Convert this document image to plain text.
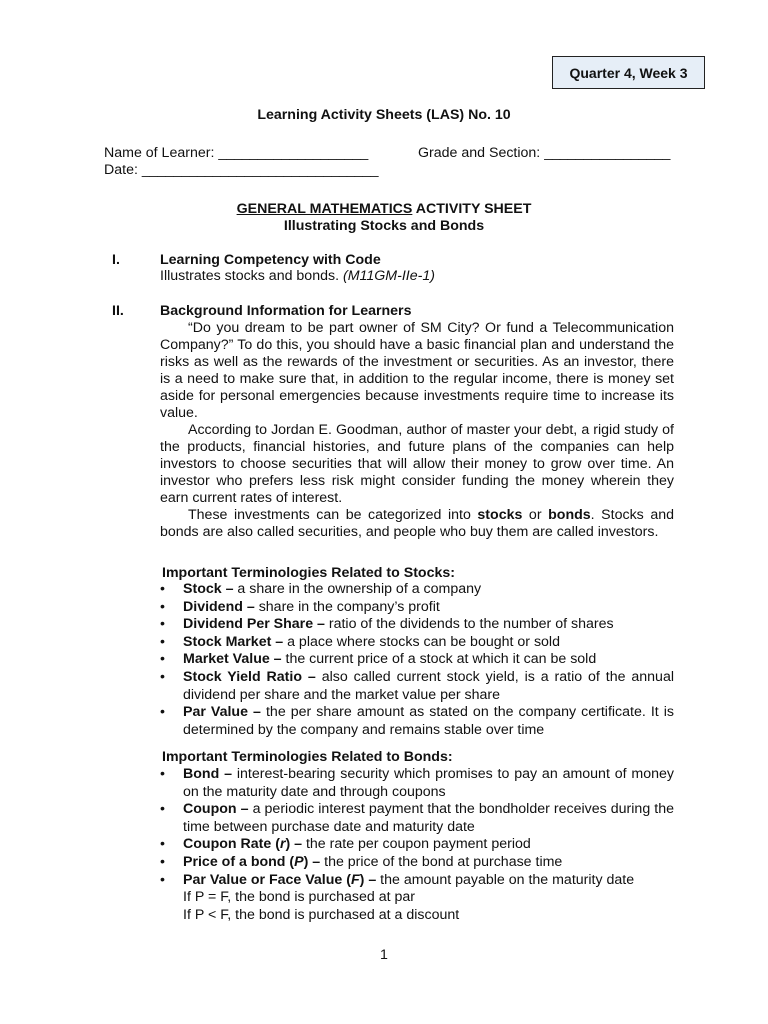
Quarter 4, Week 3
Learning Activity Sheets (LAS) No. 10
Name of Learner: ___________________	Grade and Section: ________________
Date: ______________________________
GENERAL MATHEMATICS ACTIVITY SHEET
Illustrating Stocks and Bonds
I.	Learning Competency with Code
Illustrates stocks and bonds. (M11GM-IIe-1)
II.	Background Information for Learners

“Do you dream to be part owner of SM City? Or fund a Telecommunication Company?” To do this, you should have a basic financial plan and understand the risks as well as the rewards of the investment or securities. As an investor, there is a need to make sure that, in addition to the regular income, there is money set aside for personal emergencies because investments require time to increase its value.

According to Jordan E. Goodman, author of master your debt, a rigid study of the products, financial histories, and future plans of the companies can help investors to choose securities that will allow their money to grow over time. An investor who prefers less risk might consider funding the money wherein they earn current rates of interest.

These investments can be categorized into stocks or bonds. Stocks and bonds are also called securities, and people who buy them are called investors.

Important Terminologies Related to Stocks:
• Stock – a share in the ownership of a company
• Dividend – share in the company’s profit
• Dividend Per Share – ratio of the dividends to the number of shares
• Stock Market – a place where stocks can be bought or sold
• Market Value – the current price of a stock at which it can be sold
• Stock Yield Ratio – also called current stock yield, is a ratio of the annual dividend per share and the market value per share
• Par Value – the per share amount as stated on the company certificate. It is determined by the company and remains stable over time
Important Terminologies Related to Bonds:
• Bond – interest-bearing security which promises to pay an amount of money on the maturity date and through coupons
• Coupon – a periodic interest payment that the bondholder receives during the time between purchase date and maturity date
• Coupon Rate (r) – the rate per coupon payment period
• Price of a bond (P) – the price of the bond at purchase time
• Par Value or Face Value (F) – the amount payable on the maturity date
If P = F, the bond is purchased at par
If P < F, the bond is purchased at a discount
1
